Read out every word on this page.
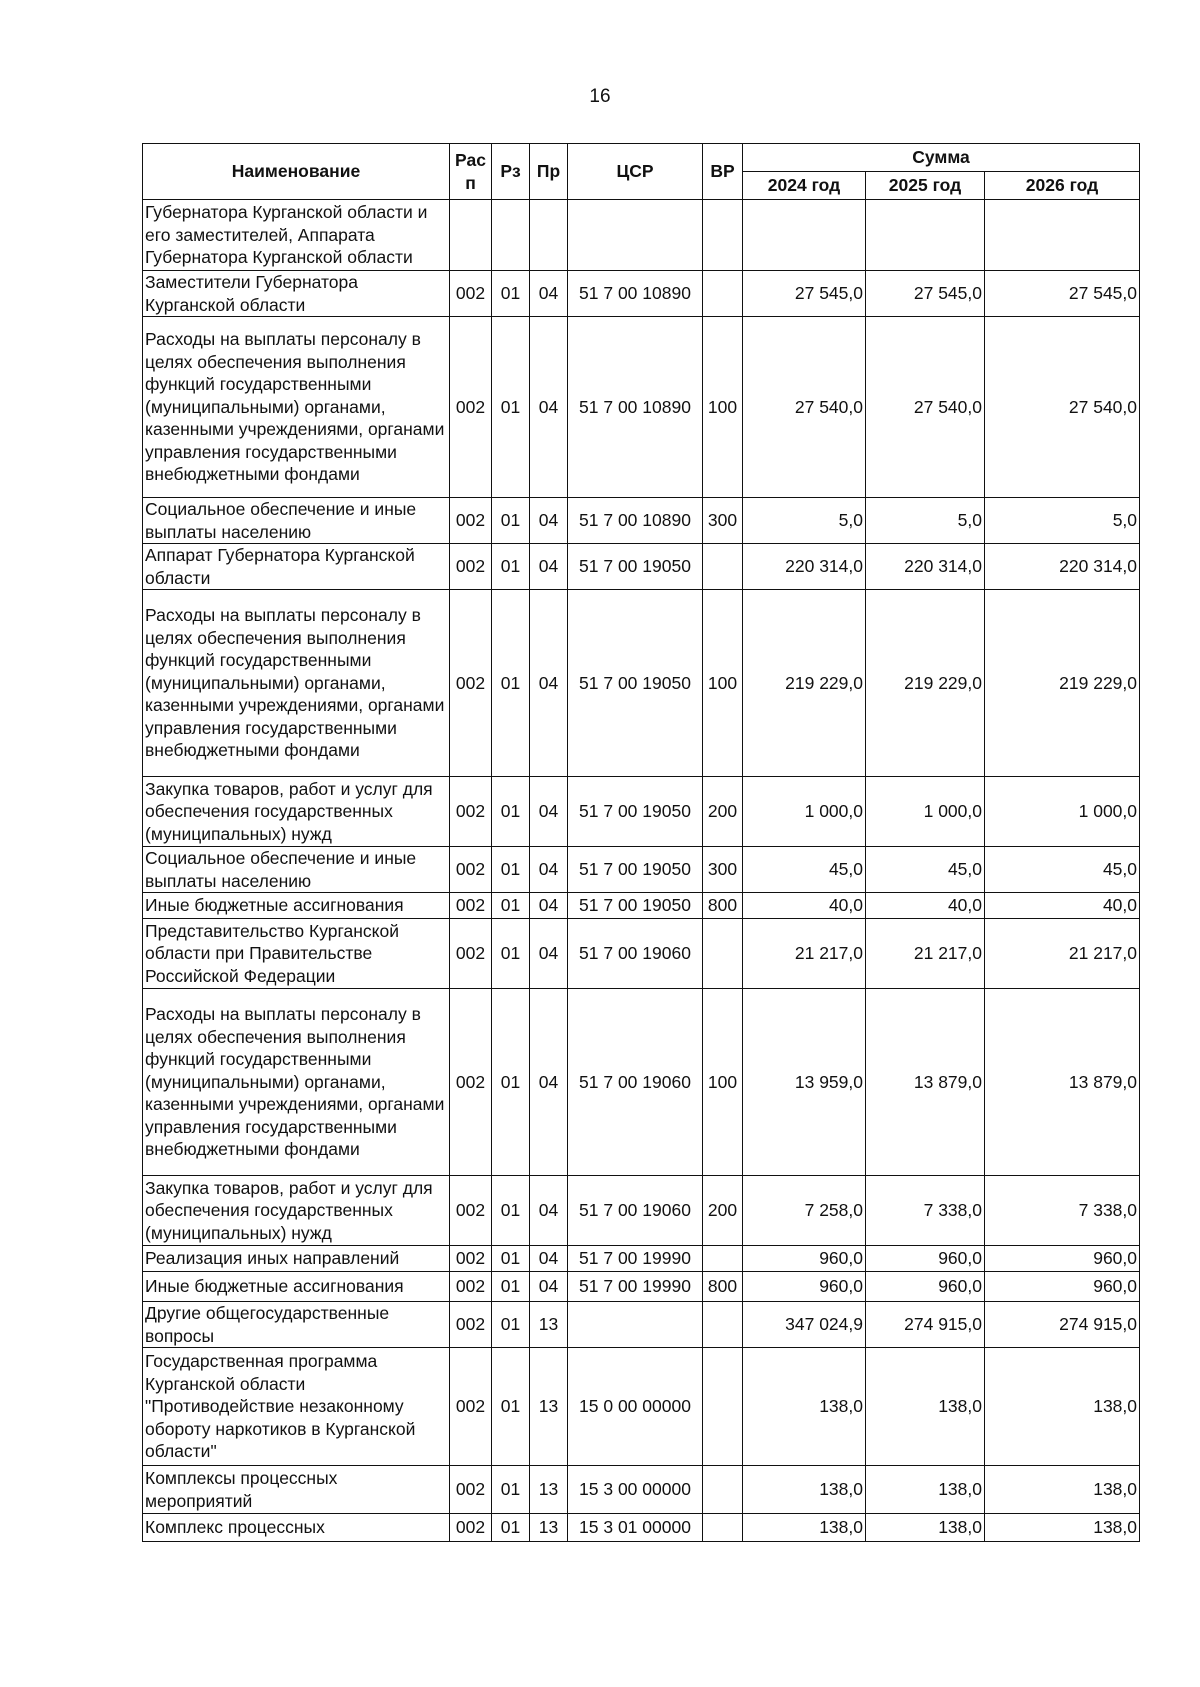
16
Наименование	Рас п	Рз	Пр	ЦСР	ВР	Сумма		
						2024 год	2025 год	2026 год
Губернатора Курганской области и его заместителей, Аппарата Губернатора Курганской области								
Заместители Губернатора Курганской области	002	01	04	51 7 00 10890		27 545,0	27 545,0	27 545,0
Расходы на выплаты персоналу в целях обеспечения выполнения функций государственными (муниципальными) органами, казенными учреждениями, органами управления государственными внебюджетными фондами	002	01	04	51 7 00 10890	100	27 540,0	27 540,0	27 540,0
Социальное обеспечение и иные выплаты населению	002	01	04	51 7 00 10890	300	5,0	5,0	5,0
Аппарат Губернатора Курганской области	002	01	04	51 7 00 19050		220 314,0	220 314,0	220 314,0
Расходы на выплаты персоналу в целях обеспечения выполнения функций государственными (муниципальными) органами, казенными учреждениями, органами управления государственными внебюджетными фондами	002	01	04	51 7 00 19050	100	219 229,0	219 229,0	219 229,0
Закупка товаров, работ и услуг для обеспечения государственных (муниципальных) нужд	002	01	04	51 7 00 19050	200	1 000,0	1 000,0	1 000,0
Социальное обеспечение и иные выплаты населению	002	01	04	51 7 00 19050	300	45,0	45,0	45,0
Иные бюджетные ассигнования	002	01	04	51 7 00 19050	800	40,0	40,0	40,0
Представительство Курганской области при Правительстве Российской Федерации	002	01	04	51 7 00 19060		21 217,0	21 217,0	21 217,0
Расходы на выплаты персоналу в целях обеспечения выполнения функций государственными (муниципальными) органами, казенными учреждениями, органами управления государственными внебюджетными фондами	002	01	04	51 7 00 19060	100	13 959,0	13 879,0	13 879,0
Закупка товаров, работ и услуг для обеспечения государственных (муниципальных) нужд	002	01	04	51 7 00 19060	200	7 258,0	7 338,0	7 338,0
Реализация иных направлений	002	01	04	51 7 00 19990		960,0	960,0	960,0
Иные бюджетные ассигнования	002	01	04	51 7 00 19990	800	960,0	960,0	960,0
Другие общегосударственные вопросы	002	01	13			347 024,9	274 915,0	274 915,0
Государственная программа Курганской области "Противодействие незаконному обороту наркотиков в Курганской области"	002	01	13	15 0 00 00000		138,0	138,0	138,0
Комплексы процессных мероприятий	002	01	13	15 3 00 00000		138,0	138,0	138,0
Комплекс процессных	002	01	13	15 3 01 00000		138,0	138,0	138,0
